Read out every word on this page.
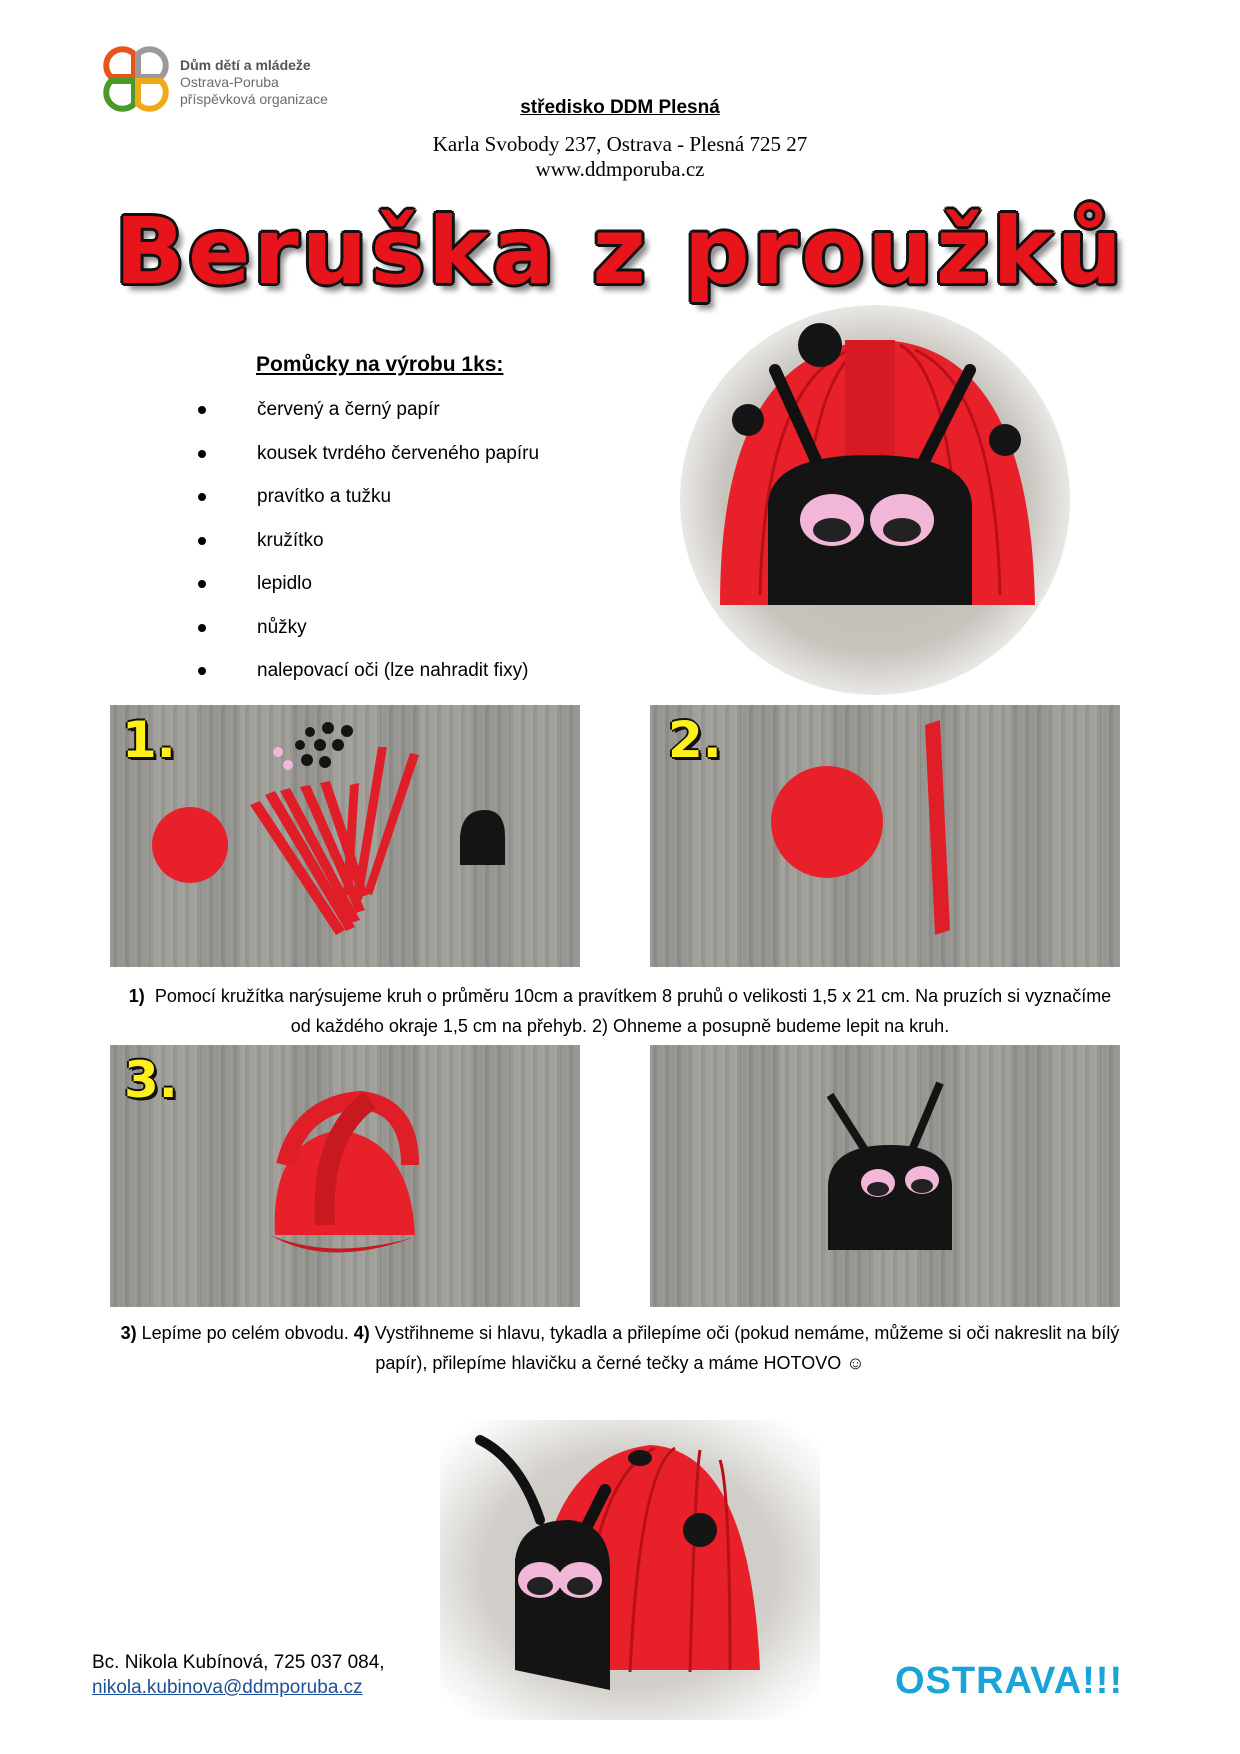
Dům dětí a mládeže
Ostrava-Poruba
příspěvková organizace	středisko DDM Plesná
Karla Svobody 237, Ostrava - Plesná 725 27
www.ddmporuba.cz
Beruška z proužků
Pomůcky na výrobu 1ks:
červený a černý papír
kousek tvrdého červeného papíru
pravítko a tužku
kružítko
lepidlo
nůžky
nalepovací oči (lze nahradit fixy)
1.	2.
1) Pomocí kružítka narýsujeme kruh o průměru 10cm a pravítkem 8 pruhů o velikosti 1,5 x 21 cm. Na pruzích si vyznačíme
od každého okraje 1,5 cm na přehyb. 2) Ohneme a posupně budeme lepit na kruh.
3.
3) Lepíme po celém obvodu. 4) Vystřihneme si hlavu, tykadla a přilepíme oči (pokud nemáme, můžeme si oči nakreslit na bílý
papír), přilepíme hlavičku a černé tečky a máme HOTOVO ☺
Bc. Nikola Kubínová, 725 037 084,
nikola.kubinova@ddmporuba.cz	OSTRAVA!!!
